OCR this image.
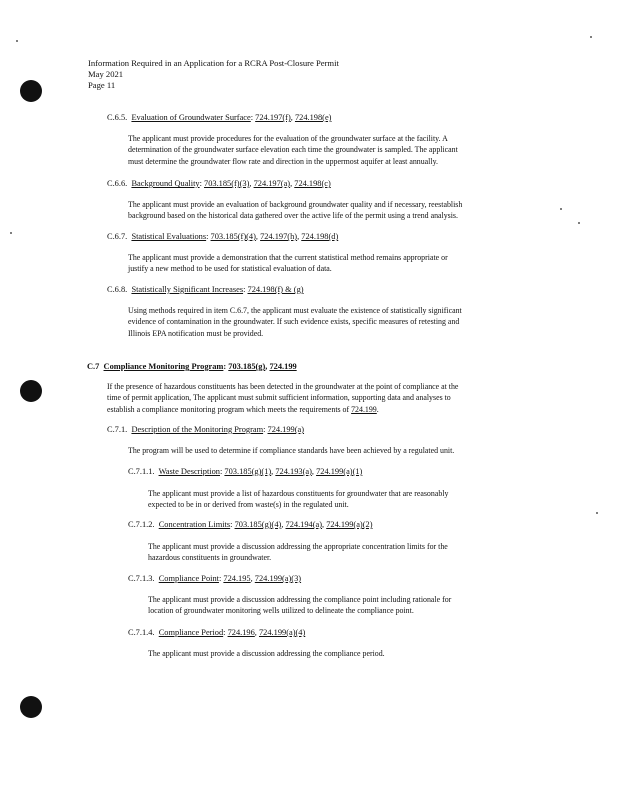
Information Required in an Application for a RCRA Post-Closure Permit
May 2021
Page 11
C.6.5. Evaluation of Groundwater Surface: 724.197(f), 724.198(e)
The applicant must provide procedures for the evaluation of the groundwater surface at the facility. A
determination of the groundwater surface elevation each time the groundwater is sampled. The applicant
must determine the groundwater flow rate and direction in the uppermost aquifer at least annually.
C.6.6. Background Quality: 703.185(f)(3), 724.197(a), 724.198(c)
The applicant must provide an evaluation of background groundwater quality and if necessary, reestablish
background based on the historical data gathered over the active life of the permit using a trend analysis.
C.6.7. Statistical Evaluations: 703.185(f)(4), 724.197(h), 724.198(d)
The applicant must provide a demonstration that the current statistical method remains appropriate or
justify a new method to be used for statistical evaluation of data.
C.6.8. Statistically Significant Increases: 724.198(f) & (g)
Using methods required in item C.6.7, the applicant must evaluate the existence of statistically significant
evidence of contamination in the groundwater. If such evidence exists, specific measures of retesting and
Illinois EPA notification must be provided.
C.7 Compliance Monitoring Program: 703.185(g), 724.199
If the presence of hazardous constituents has been detected in the groundwater at the point of compliance at the
time of permit application, The applicant must submit sufficient information, supporting data and analyses to
establish a compliance monitoring program which meets the requirements of 724.199.
C.7.1. Description of the Monitoring Program: 724.199(a)
The program will be used to determine if compliance standards have been achieved by a regulated unit.
C.7.1.1. Waste Description: 703.185(g)(1), 724.193(a), 724.199(a)(1)
The applicant must provide a list of hazardous constituents for groundwater that are reasonably
expected to be in or derived from waste(s) in the regulated unit.
C.7.1.2. Concentration Limits: 703.185(g)(4), 724.194(a), 724.199(a)(2)
The applicant must provide a discussion addressing the appropriate concentration limits for the
hazardous constituents in groundwater.
C.7.1.3. Compliance Point: 724.195, 724.199(a)(3)
The applicant must provide a discussion addressing the compliance point including rationale for
location of groundwater monitoring wells utilized to delineate the compliance point.
C.7.1.4. Compliance Period: 724.196, 724.199(a)(4)
The applicant must provide a discussion addressing the compliance period.
